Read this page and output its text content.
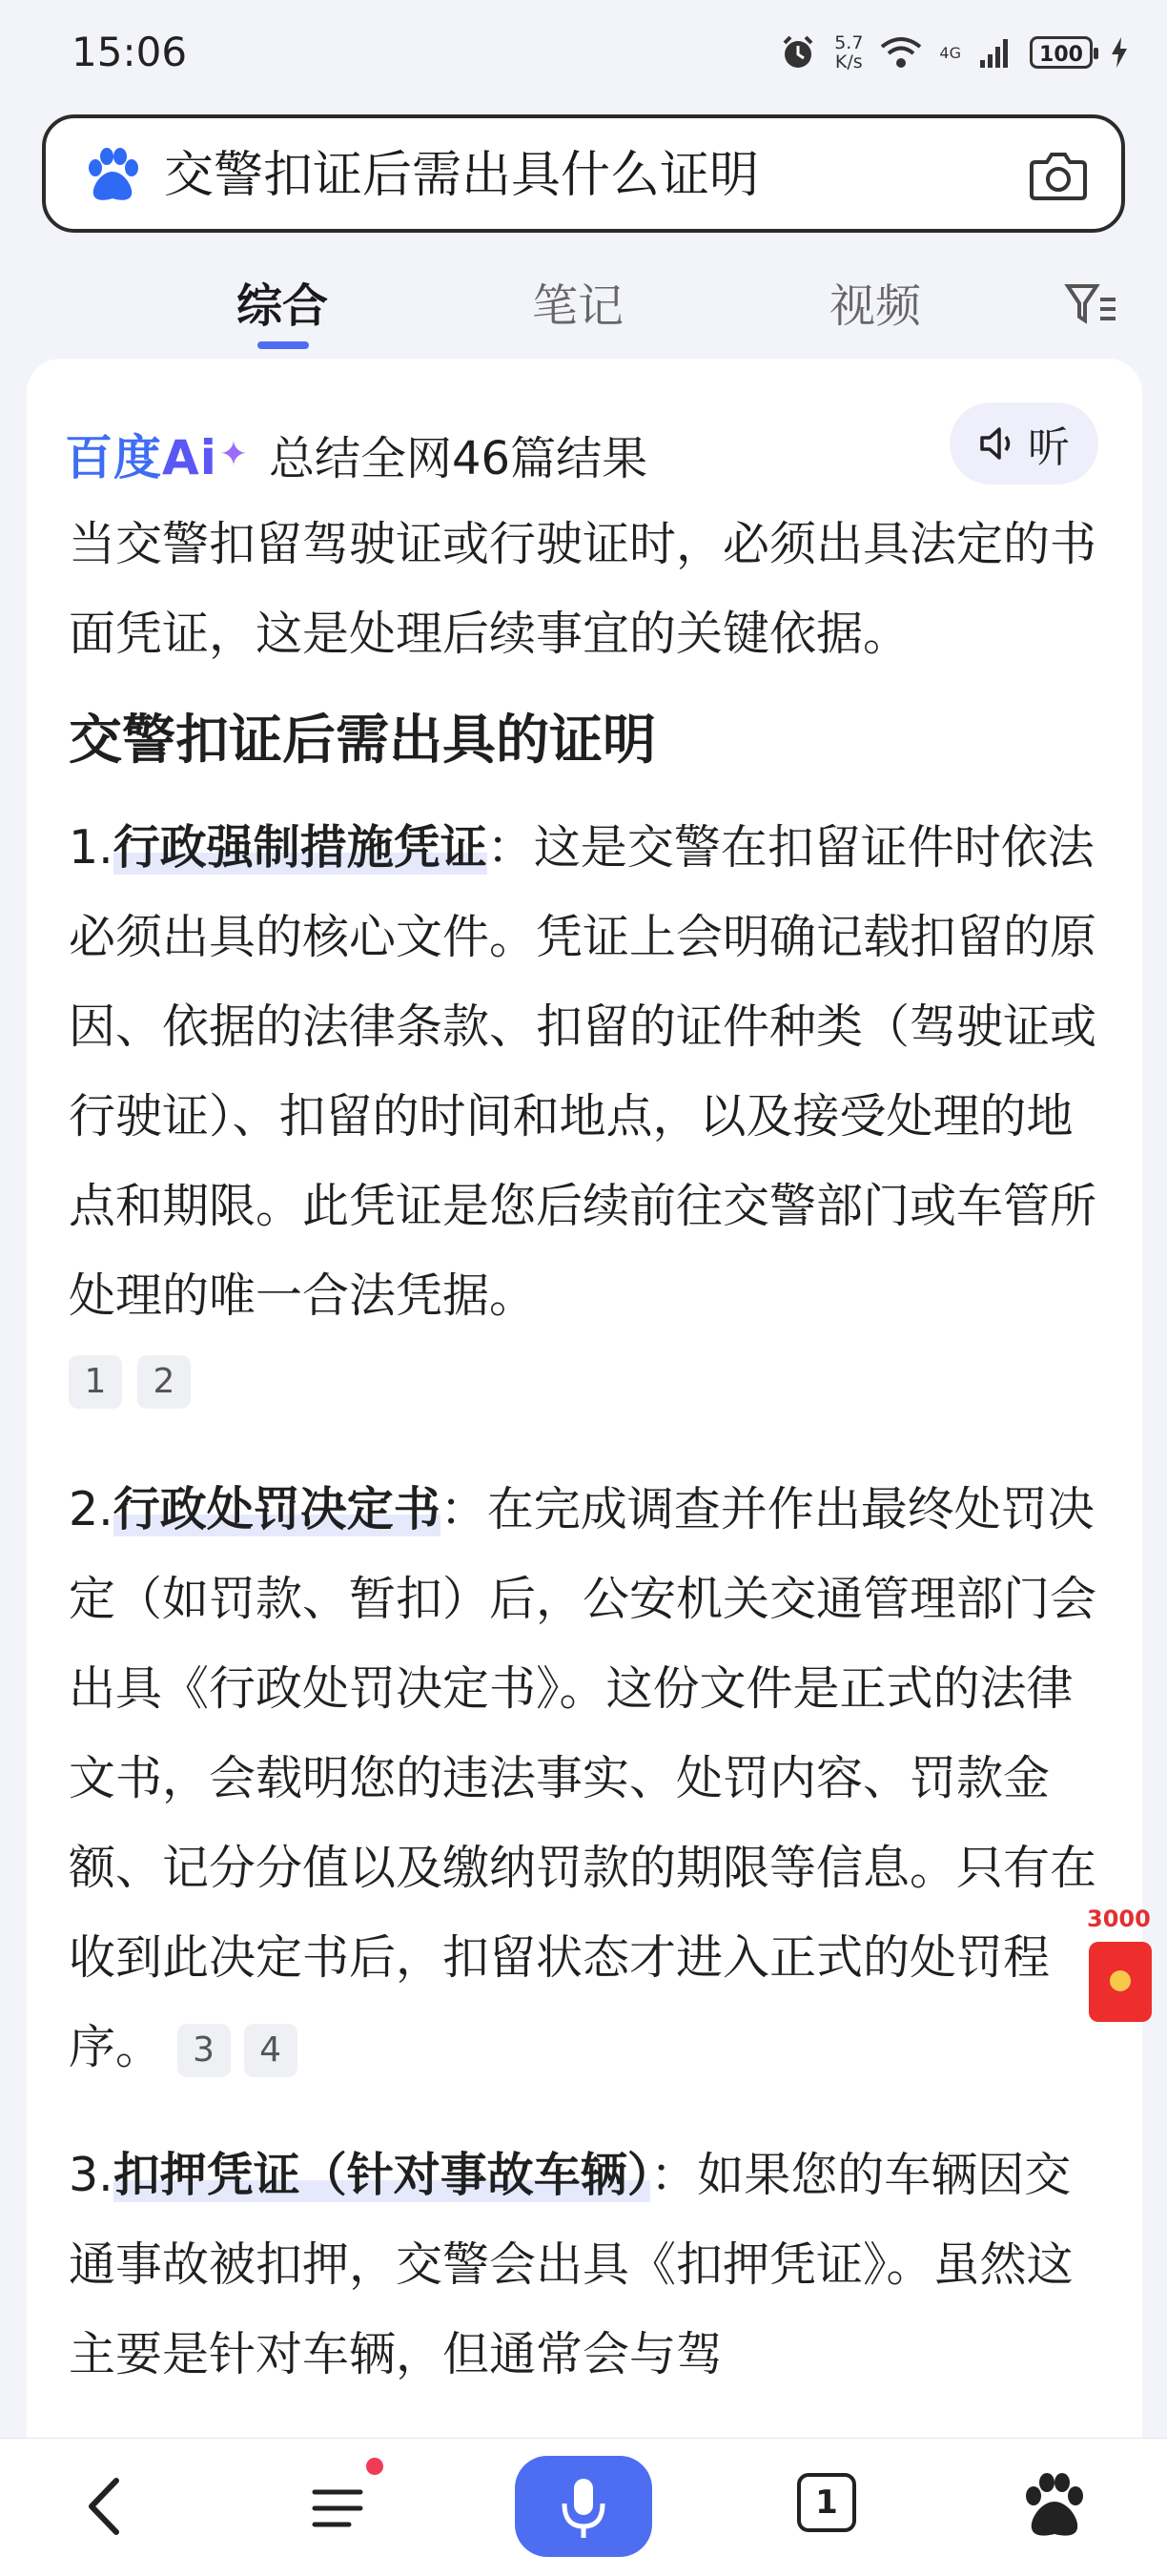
15:06	5.7
K/s	4G	100
交警扣证后需出具什么证明
综合	笔记	视频
百度Ai ✦ 总结全网46篇结果	听

当交警扣留驾驶证或行驶证时，必须出具法定的书面凭证，这是处理后续事宜的关键依据。

交警扣证后需出具的证明

1.行政强制措施凭证：这是交警在扣留证件时依法必须出具的核心文件。凭证上会明确记载扣留的原因、依据的法律条款、扣留的证件种类（驾驶证或行驶证）、扣留的时间和地点，以及接受处理的地点和期限。此凭证是您后续前往交警部门或车管所处理的唯一合法凭据。

1	2

2.行政处罚决定书：在完成调查并作出最终处罚决定（如罚款、暂扣）后，公安机关交通管理部门会出具《行政处罚决定书》。这份文件是正式的法律文书，会载明您的违法事实、处罚内容、罚款金额、记分分值以及缴纳罚款的期限等信息。只有在收到此决定书后，扣留状态才进入正式的处罚程序。 3	4

3.扣押凭证（针对事故车辆）：如果您的车辆因交通事故被扣押，交警会出具《扣押凭证》。虽然这主要是针对车辆，但通常会与驾

3000
1
